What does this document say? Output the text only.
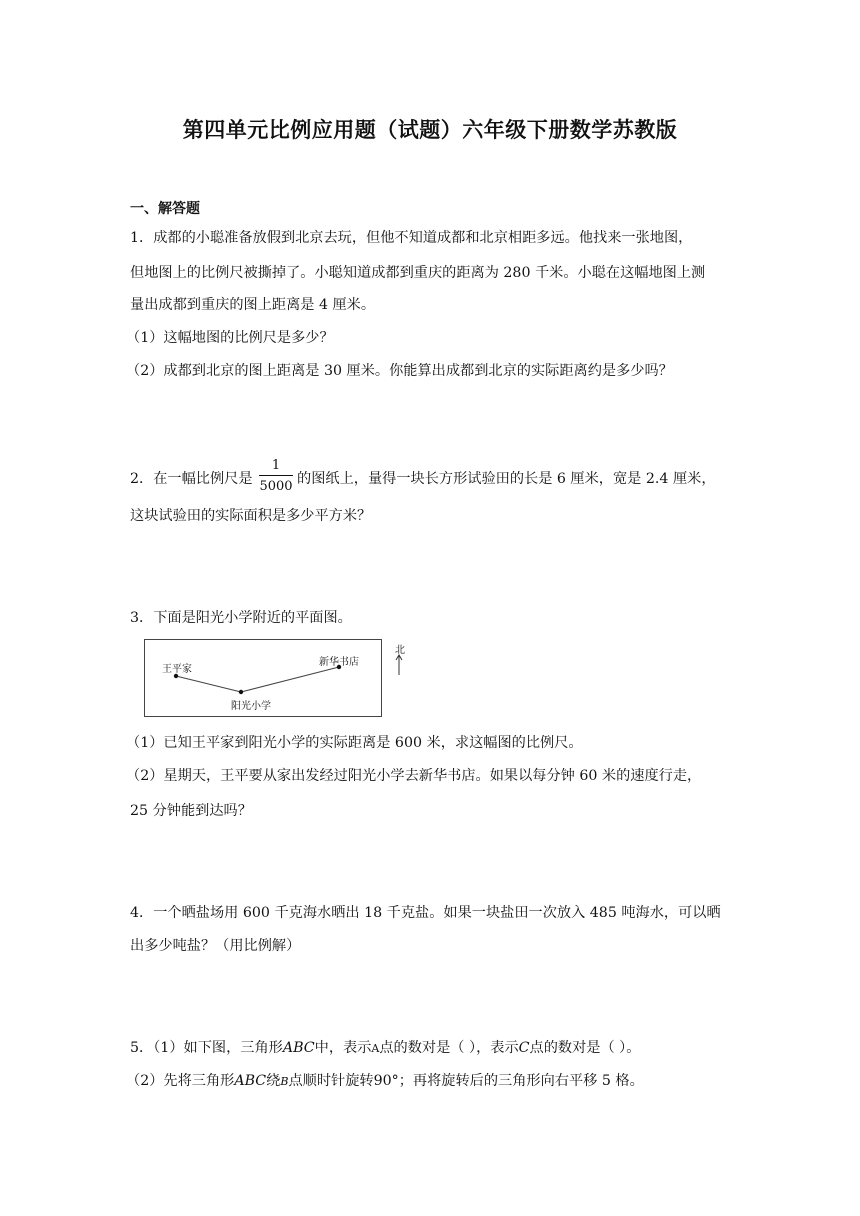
第四单元比例应用题（试题）六年级下册数学苏教版
一、解答题
1．成都的小聪准备放假到北京去玩，但他不知道成都和北京相距多远。他找来一张地图，
但地图上的比例尺被撕掉了。小聪知道成都到重庆的距离为 280 千米。小聪在这幅地图上测
量出成都到重庆的图上距离是 4 厘米。
（1）这幅地图的比例尺是多少？
（2）成都到北京的图上距离是 30 厘米。你能算出成都到北京的实际距离约是多少吗？
2．在一幅比例尺是
1
5000 的图纸上，量得一块长方形试验田的长是 6 厘米，宽是 2.4 厘米，
这块试验田的实际面积是多少平方米？
3．下面是阳光小学附近的平面图。
王平家
新华书店
阳光小学
北
（1）已知王平家到阳光小学的实际距离是 600 米，求这幅图的比例尺。
（2）星期天，王平要从家出发经过阳光小学去新华书店。如果以每分钟 60 米的速度行走，
25 分钟能到达吗？
4．一个晒盐场用 600 千克海水晒出 18 千克盐。如果一块盐田一次放入 485 吨海水，可以晒
出多少吨盐？（用比例解）
5．（1）如下图，三角形ABC中，表示A点的数对是（ ），表示C点的数对是（ ）。
（2）先将三角形ABC绕B点顺时针旋转90°；再将旋转后的三角形向右平移 5 格。
